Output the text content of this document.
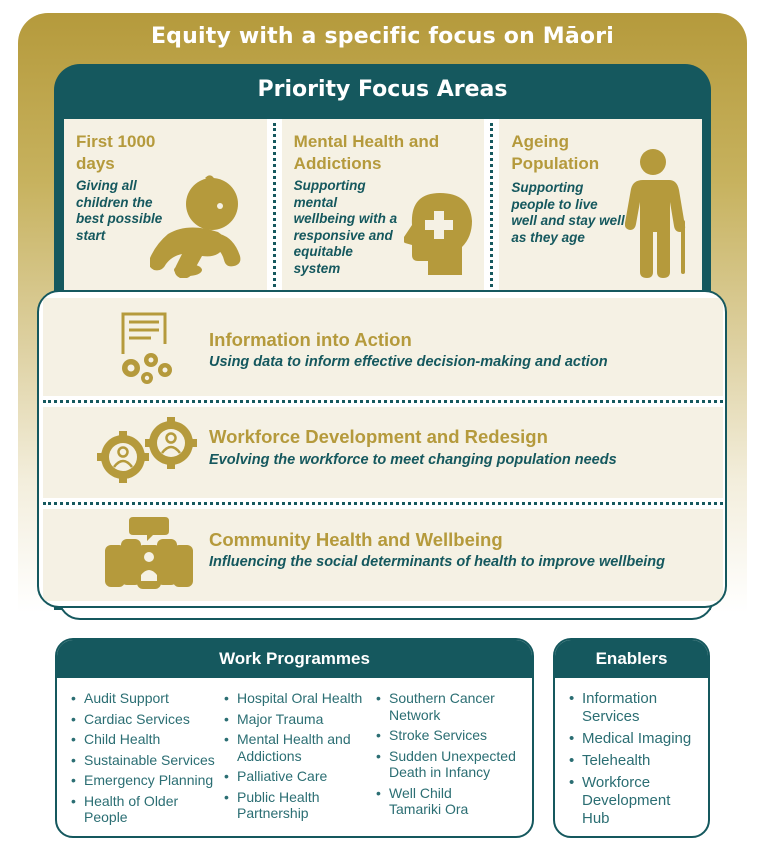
Equity with a specific focus on Māori
Priority Focus Areas
First 1000 days
Giving all children the best possible start
Mental Health and Addictions
Supporting mental wellbeing with a responsive and equitable system
Ageing Population
Supporting people to live well and stay well as they age
Information into Action
Using data to inform effective decision-making and action
Workforce Development and Redesign
Evolving the workforce to meet changing population needs
Community Health and Wellbeing
Influencing the social determinants of health to improve wellbeing
Work Programmes
• Audit Support
• Cardiac Services
• Child Health
• Sustainable Services
• Emergency Planning
• Health of Older People
• Hospital Oral Health
• Major Trauma
• Mental Health and Addictions
• Palliative Care
• Public Health Partnership
• Southern Cancer Network
• Stroke Services
• Sudden Unexpected Death in Infancy
• Well Child Tamariki Ora
Enablers
• Information Services
• Medical Imaging
• Telehealth
• Workforce Development Hub
